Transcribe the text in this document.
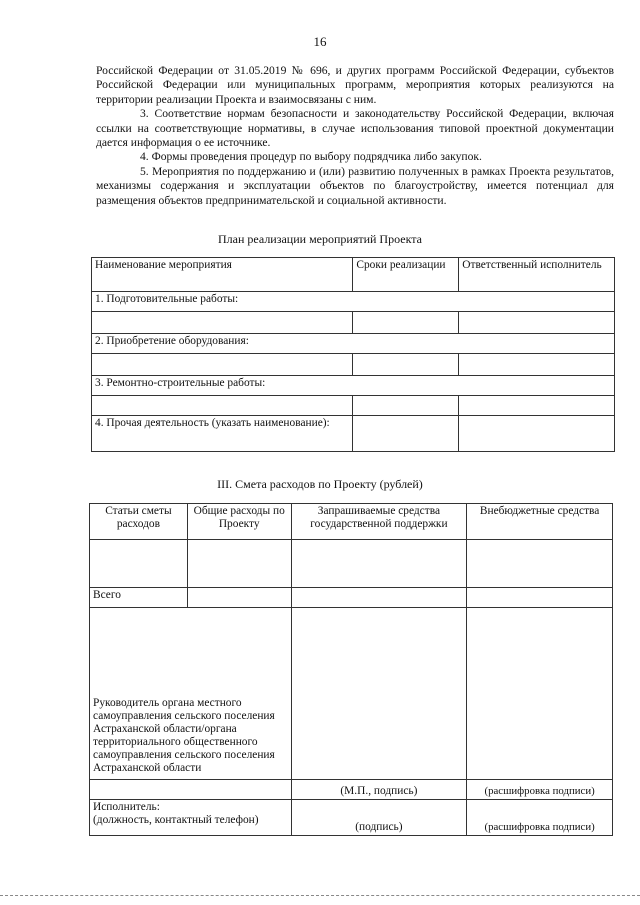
16

Российской Федерации от 31.05.2019 № 696, и других программ Российской Федерации, субъектов Российской Федерации или муниципальных программ, мероприятия которых реализуются на территории реализации Проекта и взаимосвязаны с ним.

3. Соответствие нормам безопасности и законодательству Российской Федерации, включая ссылки на соответствующие нормативы, в случае использования типовой проектной документации дается информация о ее источнике.

4. Формы проведения процедур по выбору подрядчика либо закупок.

5. Мероприятия по поддержанию и (или) развитию полученных в рамках Проекта результатов, механизмы содержания и эксплуатации объектов по благоустройству, имеется потенциал для размещения объектов предпринимательской и социальной активности.

План реализации мероприятий Проекта
Наименование мероприятия	Сроки реализации	Ответственный исполнитель
1. Подготовительные работы:		

2. Приобретение оборудования:		

3. Ремонтно-строительные работы:		

4. Прочая деятельность (указать наименование):		
III. Смета расходов по Проекту (рублей)
Статьи сметы расходов	Общие расходы по Проекту	Запрашиваемые средства государственной поддержки	Внебюджетные средства

Всего			
Руководитель органа местного самоуправления сельского поселения Астраханской области/органа территориального общественного самоуправления сельского поселения Астраханской области			
		(М.П., подпись)	(расшифровка подписи)

Исполнитель:
(должность, контактный телефон)		(подпись)	(расшифровка подписи)
